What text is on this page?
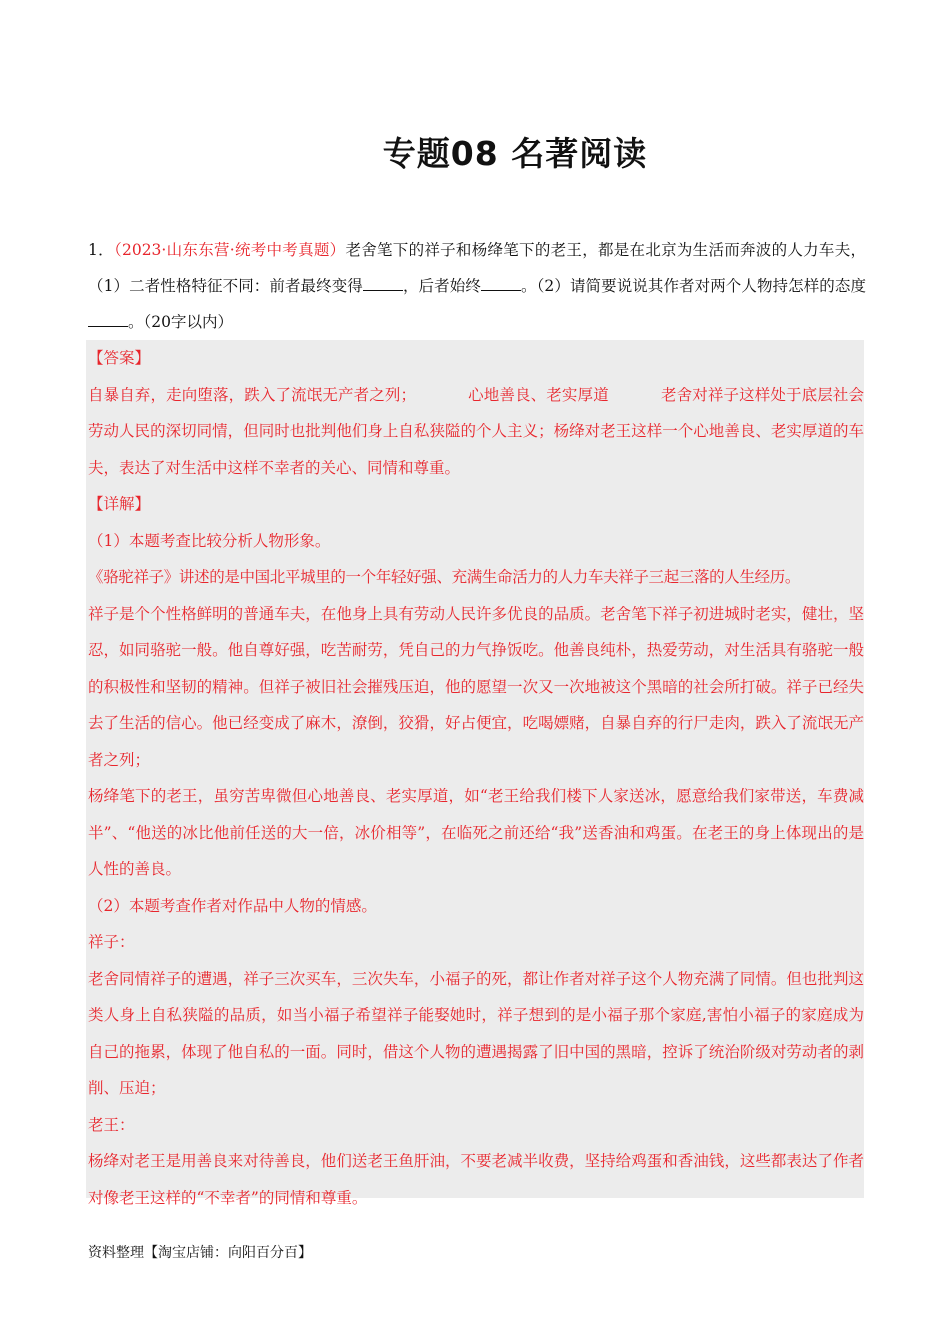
专题08 名著阅读
1．（2023·山东东营·统考中考真题）老舍笔下的祥子和杨绛笔下的老王，都是在北京为生活而奔波的人力车夫，（1）二者性格特征不同：前者最终变得	，后者始终	。（2）请简要说说其作者对两个人物持怎样的态度。（20字以内）

【答案】

自暴自弃，走向堕落，跌入了流氓无产者之列；	心地善良、老实厚道	老舍对祥子这样处于底层社会劳动人民的深切同情，但同时也批判他们身上自私狭隘的个人主义；杨绛对老王这样一个心地善良、老实厚道的车夫，表达了对生活中这样不幸者的关心、同情和尊重。

【详解】

（1）本题考查比较分析人物形象。

《骆驼祥子》讲述的是中国北平城里的一个年轻好强、充满生命活力的人力车夫祥子三起三落的人生经历。

祥子是个个性格鲜明的普通车夫，在他身上具有劳动人民许多优良的品质。老舍笔下祥子初进城时老实，健壮，坚忍，如同骆驼一般。他自尊好强，吃苦耐劳，凭自己的力气挣饭吃。他善良纯朴，热爱劳动，对生活具有骆驼一般的积极性和坚韧的精神。但祥子被旧社会摧残压迫，他的愿望一次又一次地被这个黑暗的社会所打破。祥子已经失去了生活的信心。他已经变成了麻木，潦倒，狡猾，好占便宜，吃喝嫖赌，自暴自弃的行尸走肉，跌入了流氓无产者之列；

杨绛笔下的老王，虽穷苦卑微但心地善良、老实厚道，如“老王给我们楼下人家送冰，愿意给我们家带送，车费减半”、“他送的冰比他前任送的大一倍，冰价相等”，在临死之前还给“我”送香油和鸡蛋。在老王的身上体现出的是人性的善良。

（2）本题考查作者对作品中人物的情感。

祥子：

老舍同情祥子的遭遇，祥子三次买车，三次失车，小福子的死，都让作者对祥子这个人物充满了同情。但也批判这类人身上自私狭隘的品质，如当小福子希望祥子能娶她时，祥子想到的是小福子那个家庭,害怕小福子的家庭成为自己的拖累，体现了他自私的一面。同时，借这个人物的遭遇揭露了旧中国的黑暗，控诉了统治阶级对劳动者的剥削、压迫；

老王：

杨绛对老王是用善良来对待善良，他们送老王鱼肝油，不要老减半收费，坚持给鸡蛋和香油钱，这些都表达了作者对像老王这样的“不幸者”的同情和尊重。

资料整理【淘宝店铺：向阳百分百】
